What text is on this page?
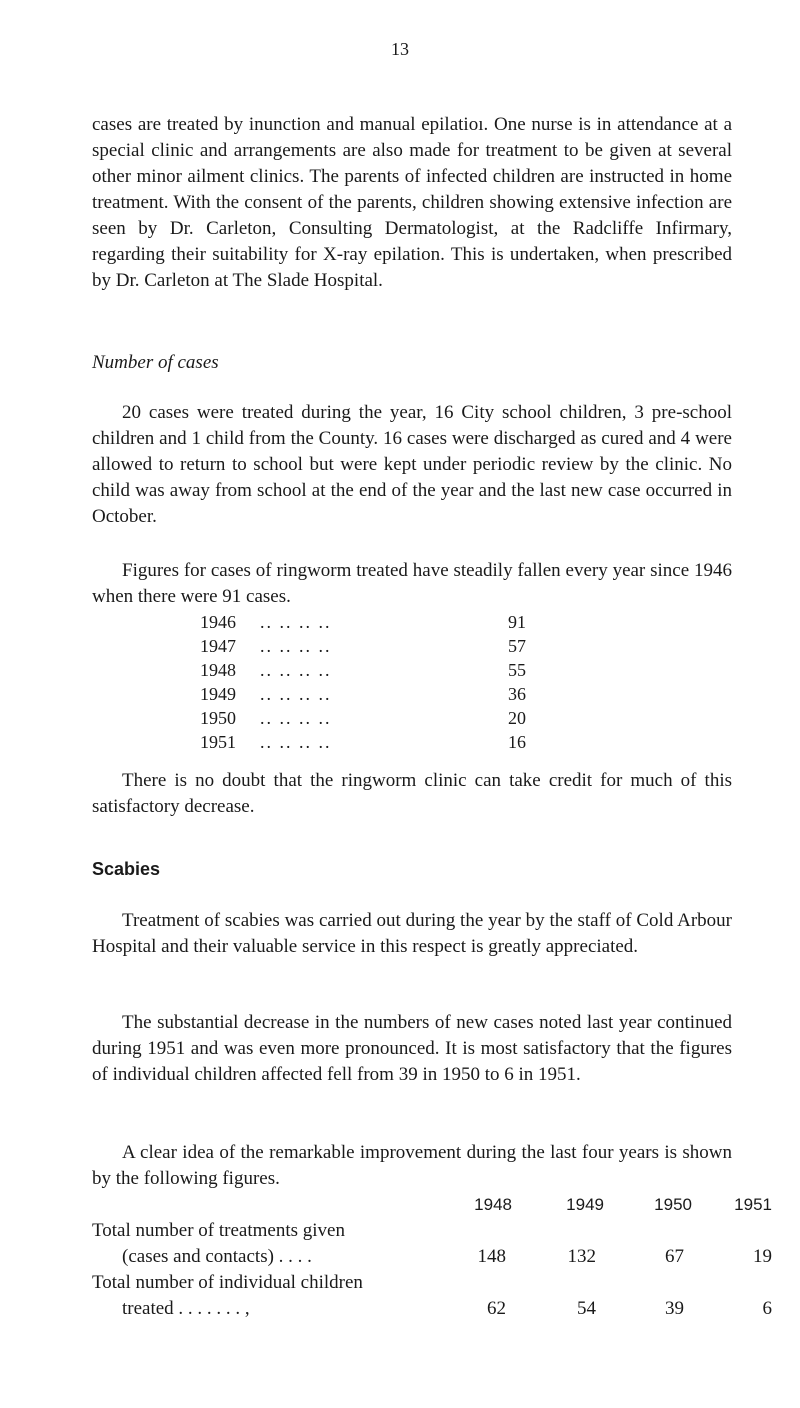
13

cases are treated by inunction and manual epilatioı. One nurse is in attendance at a special clinic and arrangements are also made for treatment to be given at several other minor ailment clinics. The parents of infected children are instructed in home treatment. With the consent of the parents, children showing extensive infection are seen by Dr. Carleton, Consulting Dermatologist, at the Radcliffe Infirmary, regarding their suitability for X-ray epilation. This is undertaken, when prescribed by Dr. Carleton at The Slade Hospital.

Number of cases

20 cases were treated during the year, 16 City school children, 3 pre-school children and 1 child from the County. 16 cases were discharged as cured and 4 were allowed to return to school but were kept under periodic review by the clinic. No child was away from school at the end of the year and the last new case occurred in October.

Figures for cases of ringworm treated have steadily fallen every year since 1946 when there were 91 cases.

1946	.. .. .. ..	91
1947	.. .. .. ..	57
1948	.. .. .. ..	55
1949	.. .. .. ..	36
1950	.. .. .. ..	20
1951	.. .. .. ..	16

There is no doubt that the ringworm clinic can take credit for much of this satisfactory decrease.

Scabies

Treatment of scabies was carried out during the year by the staff of Cold Arbour Hospital and their valuable service in this respect is greatly appreciated.

The substantial decrease in the numbers of new cases noted last year continued during 1951 and was even more pronounced. It is most satisfactory that the figures of individual children affected fell from 39 in 1950 to 6 in 1951.

A clear idea of the remarkable improvement during the last four years is shown by the following figures.

1948	1949	1950	1951
Total number of treatments given
(cases and contacts) . . . .	148	132	67	19
Total number of individual children
treated . . . . . . . ,	62	54	39	6
